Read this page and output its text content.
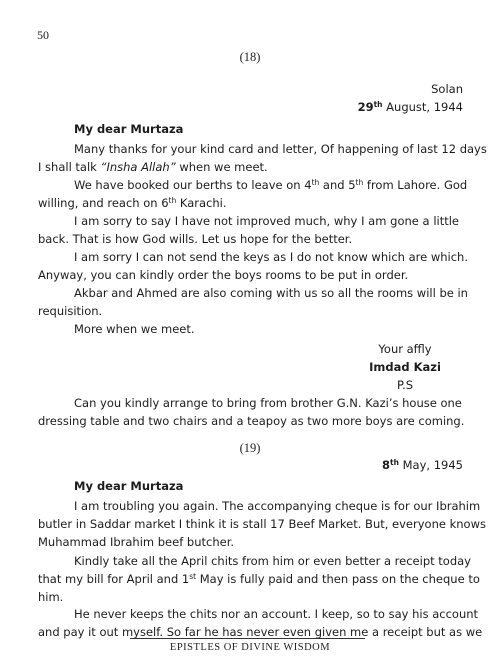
50
(18)
Solan
29th August, 1944
My dear Murtaza
Many thanks for your kind card and letter, Of happening of last 12 days
I shall talk “Insha Allah” when we meet.
We have booked our berths to leave on 4th and 5th from Lahore. God
willing, and reach on 6th Karachi.
I am sorry to say I have not improved much, why I am gone a little
back. That is how God wills. Let us hope for the better.
I am sorry I can not send the keys as I do not know which are which.
Anyway, you can kindly order the boys rooms to be put in order.
Akbar and Ahmed are also coming with us so all the rooms will be in
requisition.
More when we meet.
Your affly
Imdad Kazi
P.S
Can you kindly arrange to bring from brother G.N. Kazi’s house one
dressing table and two chairs and a teapoy as two more boys are coming.
(19)
8th May, 1945
My dear Murtaza
I am troubling you again. The accompanying cheque is for our Ibrahim
butler in Saddar market I think it is stall 17 Beef Market. But, everyone knows
Muhammad Ibrahim beef butcher.
Kindly take all the April chits from him or even better a receipt today
that my bill for April and 1st May is fully paid and then pass on the cheque to
him.
He never keeps the chits nor an account. I keep, so to say his account
and pay it out myself. So far he has never even given me a receipt but as we
EPISTLES OF DIVINE WISDOM
